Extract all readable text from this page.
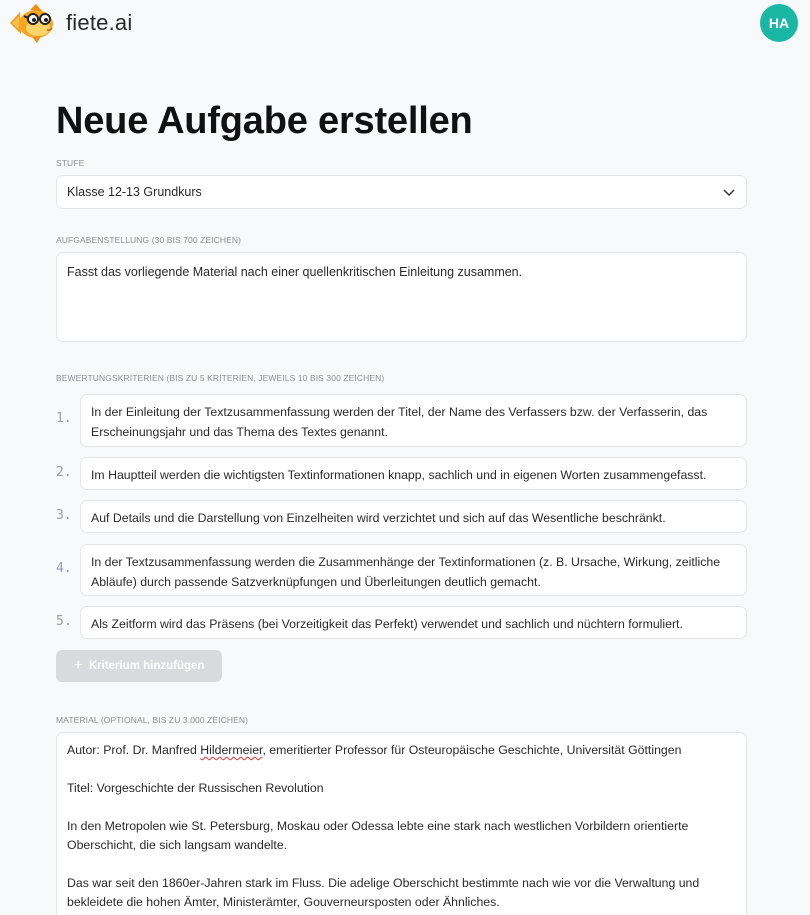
fiete.ai	HA
Neue Aufgabe erstellen
STUFE
Klasse 12-13 Grundkurs
AUFGABENSTELLUNG (30 BIS 700 ZEICHEN)
Fasst das vorliegende Material nach einer quellenkritischen Einleitung zusammen.
BEWERTUNGSKRITERIEN (BIS ZU 5 KRITERIEN, JEWEILS 10 BIS 300 ZEICHEN)
1.	In der Einleitung der Textzusammenfassung werden der Titel, der Name des Verfassers bzw. der Verfasserin, das Erscheinungsjahr und das Thema des Textes genannt.
2.	Im Hauptteil werden die wichtigsten Textinformationen knapp, sachlich und in eigenen Worten zusammengefasst.
3.	Auf Details und die Darstellung von Einzelheiten wird verzichtet und sich auf das Wesentliche beschränkt.
4.	In der Textzusammenfassung werden die Zusammenhänge der Textinformationen (z. B. Ursache, Wirkung, zeitliche Abläufe) durch passende Satzverknüpfungen und Überleitungen deutlich gemacht.
5.	Als Zeitform wird das Präsens (bei Vorzeitigkeit das Perfekt) verwendet und sachlich und nüchtern formuliert.
+ Kriterium hinzufügen
MATERIAL (OPTIONAL, BIS ZU 3.000 ZEICHEN)

Autor: Prof. Dr. Manfred Hildermeier, emeritierter Professor für Osteuropäische Geschichte, Universität Göttingen

Titel: Vorgeschichte der Russischen Revolution

In den Metropolen wie St. Petersburg, Moskau oder Odessa lebte eine stark nach westlichen Vorbildern orientierte Oberschicht, die sich langsam wandelte.

Das war seit den 1860er-Jahren stark im Fluss. Die adelige Oberschicht bestimmte nach wie vor die Verwaltung und bekleidete die hohen Ämter, Ministerämter, Gouverneursposten oder Ähnliches.
